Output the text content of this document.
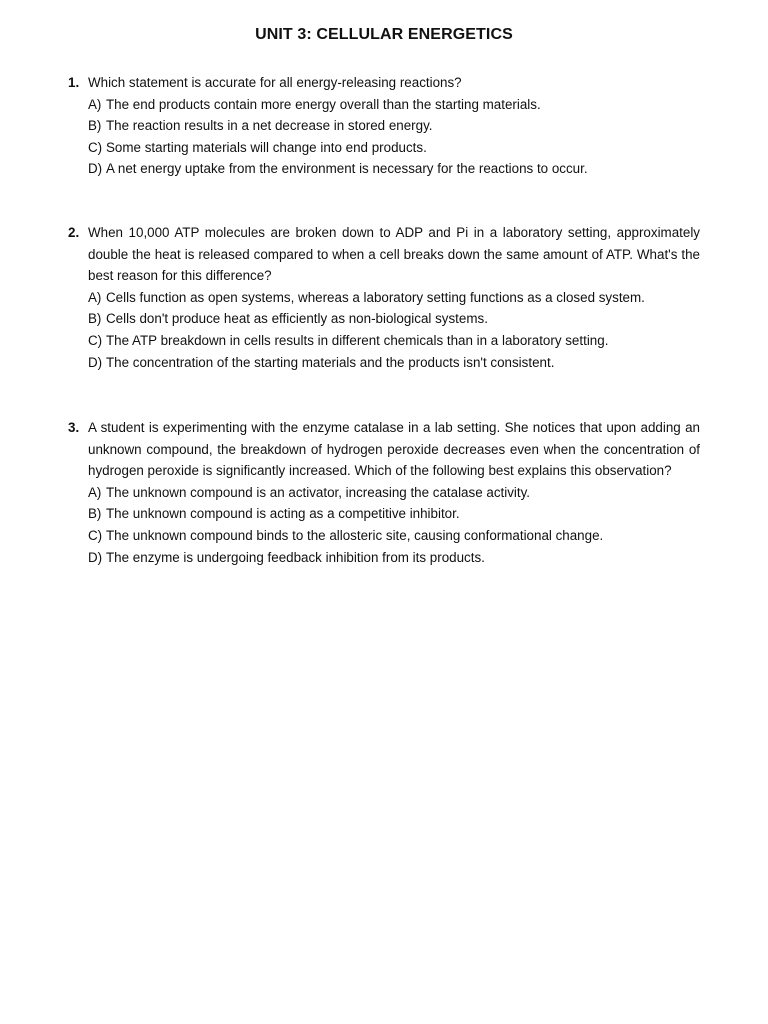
UNIT 3: CELLULAR ENERGETICS
1. Which statement is accurate for all energy-releasing reactions?
A) The end products contain more energy overall than the starting materials.
B) The reaction results in a net decrease in stored energy.
C) Some starting materials will change into end products.
D) A net energy uptake from the environment is necessary for the reactions to occur.
2. When 10,000 ATP molecules are broken down to ADP and Pi in a laboratory setting, approximately double the heat is released compared to when a cell breaks down the same amount of ATP. What's the best reason for this difference?
A) Cells function as open systems, whereas a laboratory setting functions as a closed system.
B) Cells don't produce heat as efficiently as non-biological systems.
C) The ATP breakdown in cells results in different chemicals than in a laboratory setting.
D) The concentration of the starting materials and the products isn't consistent.
3. A student is experimenting with the enzyme catalase in a lab setting. She notices that upon adding an unknown compound, the breakdown of hydrogen peroxide decreases even when the concentration of hydrogen peroxide is significantly increased. Which of the following best explains this observation?
A) The unknown compound is an activator, increasing the catalase activity.
B) The unknown compound is acting as a competitive inhibitor.
C) The unknown compound binds to the allosteric site, causing conformational change.
D) The enzyme is undergoing feedback inhibition from its products.
